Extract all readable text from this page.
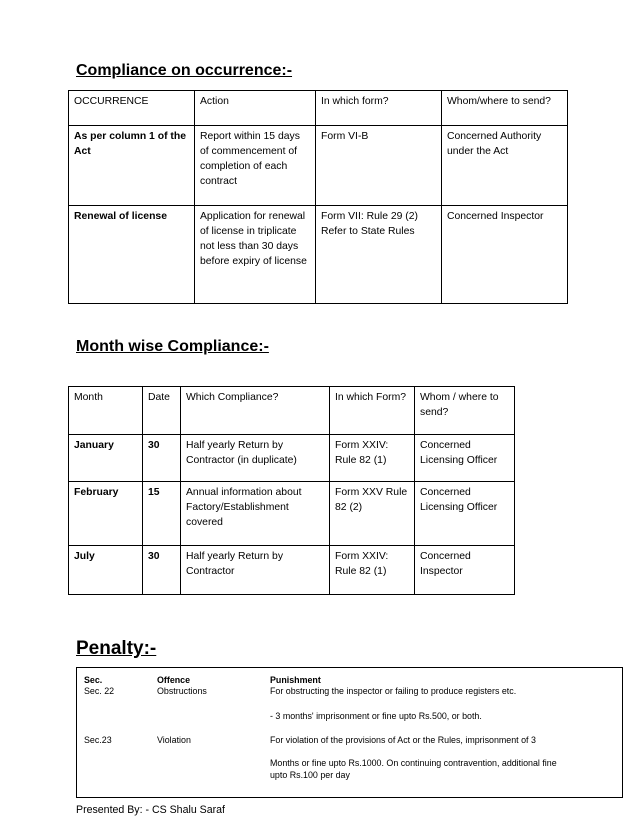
Compliance on occurrence:-
OCCURRENCE	Action	In which form?	Whom/where to send?
As per column 1 of the Act	Report within 15 days of commencement of completion of each contract	Form VI-B	Concerned Authority under the Act
Renewal of license	Application for renewal of license in triplicate not less than 30 days before expiry of license	Form VII: Rule 29 (2) Refer to State Rules	Concerned Inspector
Month wise Compliance:-
Month	Date	Which Compliance?	In which Form?	Whom / where to send?
January	30	Half yearly Return by Contractor (in duplicate)	Form XXIV: Rule 82 (1)	Concerned Licensing Officer
February	15	Annual information about Factory/Establishment covered	Form XXV Rule 82 (2)	Concerned Licensing Officer
July	30	Half yearly Return by Contractor	Form XXIV: Rule 82 (1)	Concerned Inspector
Penalty:-
Sec.	Offence	Punishment
Sec. 22	Obstructions	For obstructing the inspector or failing to produce registers etc.
- 3 months' imprisonment or fine upto Rs.500, or both.
Sec.23	Violation	For violation of the provisions of Act or the Rules, imprisonment of 3
Months or fine upto Rs.1000. On continuing contravention, additional fine
upto Rs.100 per day
Presented By: - CS Shalu Saraf
